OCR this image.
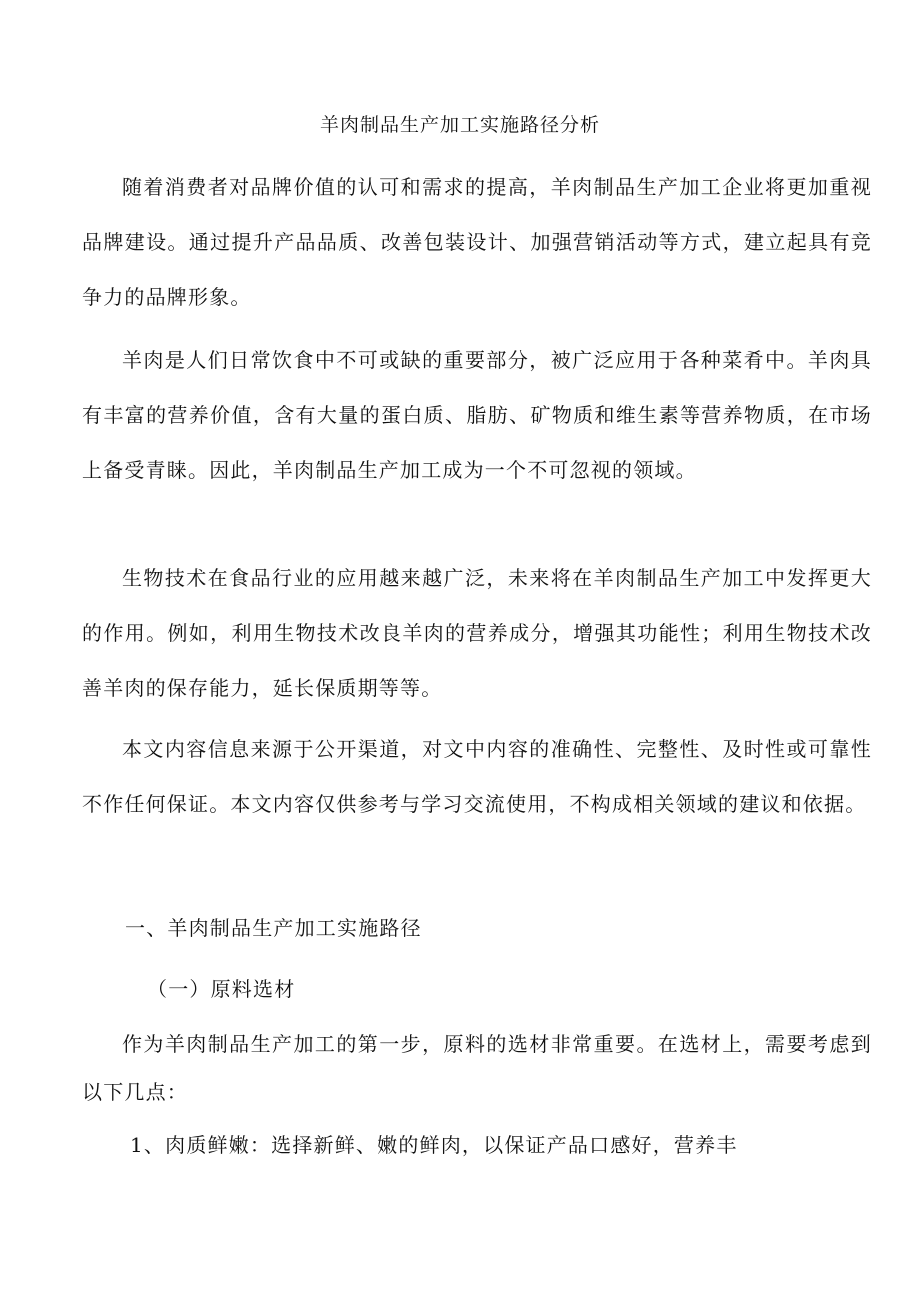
羊肉制品生产加工实施路径分析

随着消费者对品牌价值的认可和需求的提高，羊肉制品生产加工企业将更加重视品牌建设。通过提升产品品质、改善包装设计、加强营销活动等方式，建立起具有竞争力的品牌形象。

羊肉是人们日常饮食中不可或缺的重要部分，被广泛应用于各种菜肴中。羊肉具有丰富的营养价值，含有大量的蛋白质、脂肪、矿物质和维生素等营养物质，在市场上备受青睐。因此，羊肉制品生产加工成为一个不可忽视的领域。

生物技术在食品行业的应用越来越广泛，未来将在羊肉制品生产加工中发挥更大的作用。例如，利用生物技术改良羊肉的营养成分，增强其功能性；利用生物技术改善羊肉的保存能力，延长保质期等等。

本文内容信息来源于公开渠道，对文中内容的准确性、完整性、及时性或可靠性不作任何保证。本文内容仅供参考与学习交流使用，不构成相关领域的建议和依据。

一、羊肉制品生产加工实施路径

（一）原料选材

作为羊肉制品生产加工的第一步，原料的选材非常重要。在选材上，需要考虑到以下几点：

1、肉质鲜嫩：选择新鲜、嫩的鲜肉，以保证产品口感好，营养丰
